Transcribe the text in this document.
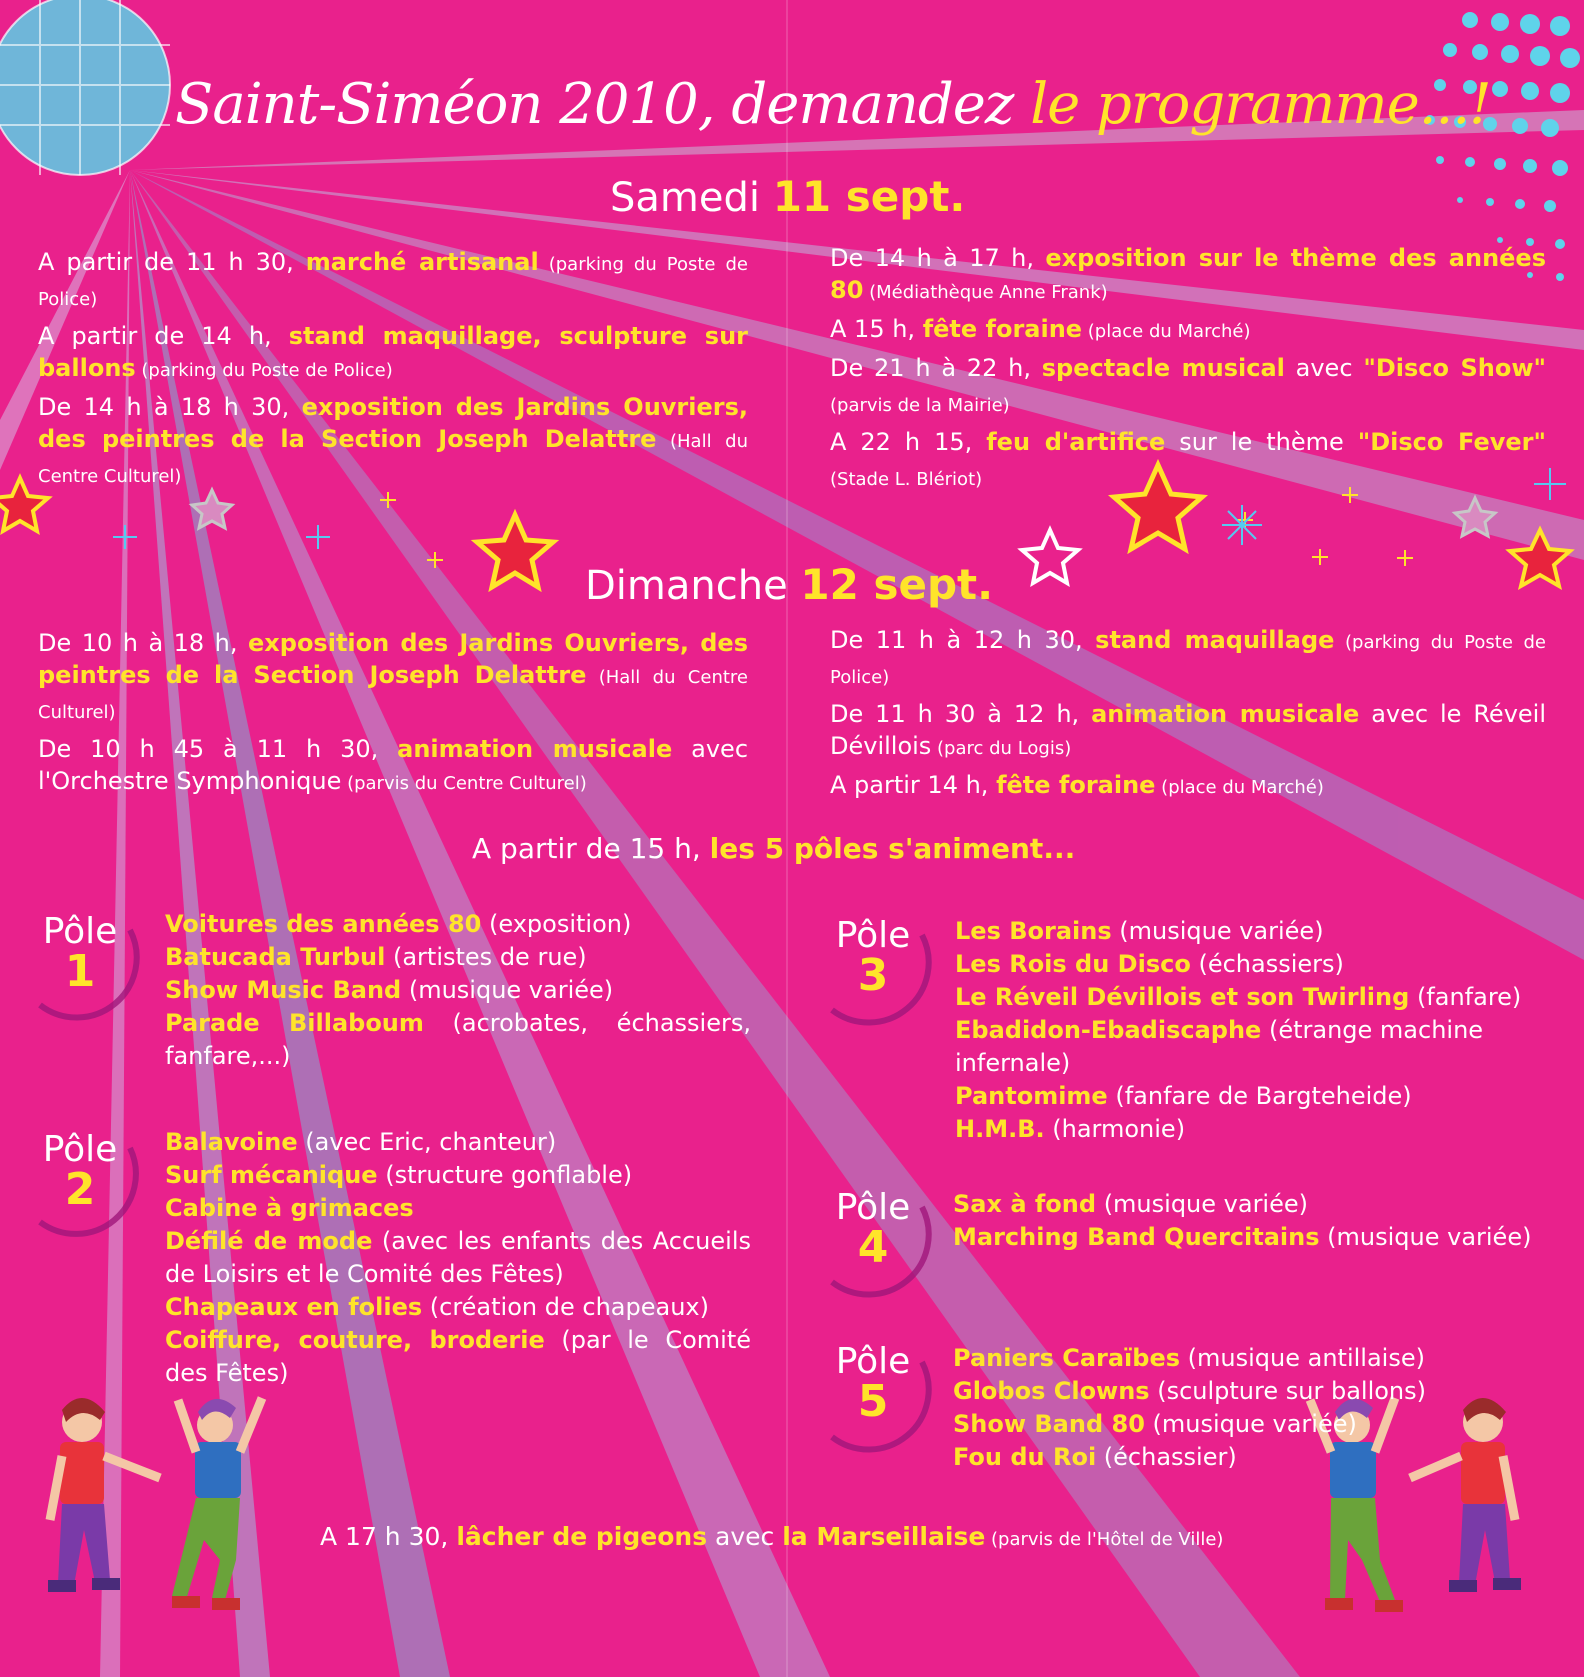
Saint-Siméon 2010, demandez le programme...!
Samedi 11 sept.

A partir de 11 h 30, marché artisanal (parking du Poste de Police)

A partir de 14 h, stand maquillage, sculpture sur ballons (parking du Poste de Police)

De 14 h à 18 h 30, exposition des Jardins Ouvriers, des peintres de la Section Joseph Delattre (Hall du Centre Culturel)

De 14 h à 17 h, exposition sur le thème des années 80 (Médiathèque Anne Frank)

A 15 h, fête foraine (place du Marché)

De 21 h à 22 h, spectacle musical avec "Disco Show" (parvis de la Mairie)

A 22 h 15, feu d'artifice sur le thème "Disco Fever" (Stade L. Blériot)

Dimanche 12 sept.

De 10 h à 18 h, exposition des Jardins Ouvriers, des peintres de la Section Joseph Delattre (Hall du Centre Culturel)

De 10 h 45 à 11 h 30, animation musicale avec l'Orchestre Symphonique (parvis du Centre Culturel)

De 11 h à 12 h 30, stand maquillage (parking du Poste de Police)

De 11 h 30 à 12 h, animation musicale avec le Réveil Dévillois (parc du Logis)

A partir 14 h, fête foraine (place du Marché)

A partir de 15 h, les 5 pôles s'animent...
Pôle
1
Voitures des années 80 (exposition)
Batucada Turbul (artistes de rue)
Show Music Band (musique variée)
Parade Billaboum (acrobates, échassiers, fanfare,...)
Pôle
2
Balavoine (avec Eric, chanteur)
Surf mécanique (structure gonflable)
Cabine à grimaces
Défilé de mode (avec les enfants des Accueils de Loisirs et le Comité des Fêtes)
Chapeaux en folies (création de chapeaux)
Coiffure, couture, broderie (par le Comité des Fêtes)
Pôle
3
Les Borains (musique variée)
Les Rois du Disco (échassiers)
Le Réveil Dévillois et son Twirling (fanfare)
Ebadidon-Ebadiscaphe (étrange machine infernale)
Pantomime (fanfare de Bargteheide)
H.M.B. (harmonie)
Pôle
4
Sax à fond (musique variée)
Marching Band Quercitains (musique variée)
Pôle
5
Paniers Caraïbes (musique antillaise)
Globos Clowns (sculpture sur ballons)
Show Band 80 (musique variée)
Fou du Roi (échassier)
A 17 h 30, lâcher de pigeons avec la Marseillaise (parvis de l'Hôtel de Ville)
